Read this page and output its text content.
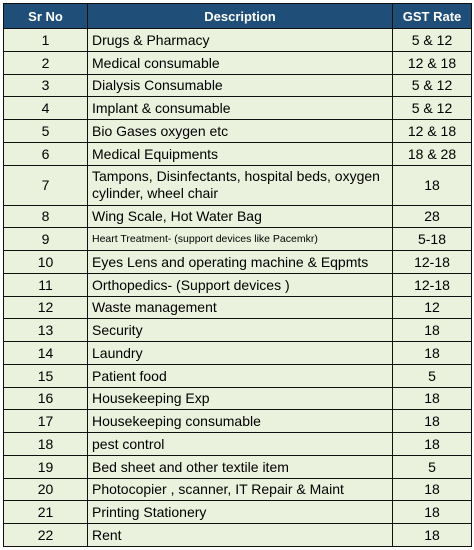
Sr No	Description	GST Rate
1	Drugs & Pharmacy	5 & 12
2	Medical consumable	12 & 18
3	Dialysis Consumable	5 & 12
4	Implant & consumable	5 & 12
5	Bio Gases oxygen etc	12 & 18
6	Medical Equipments	18 & 28
7	Tampons, Disinfectants, hospital beds, oxygen cylinder, wheel chair	18
8	Wing Scale, Hot Water Bag	28
9	Heart Treatment- (support devices like Pacemkr)	5-18
10	Eyes Lens and operating machine & Eqpmts	12-18
11	Orthopedics- (Support devices )	12-18
12	Waste management	12
13	Security	18
14	Laundry	18
15	Patient food	5
16	Housekeeping Exp	18
17	Housekeeping consumable	18
18	pest control	18
19	Bed sheet and other textile item	5
20	Photocopier , scanner, IT Repair & Maint	18
21	Printing Stationery	18
22	Rent	18
